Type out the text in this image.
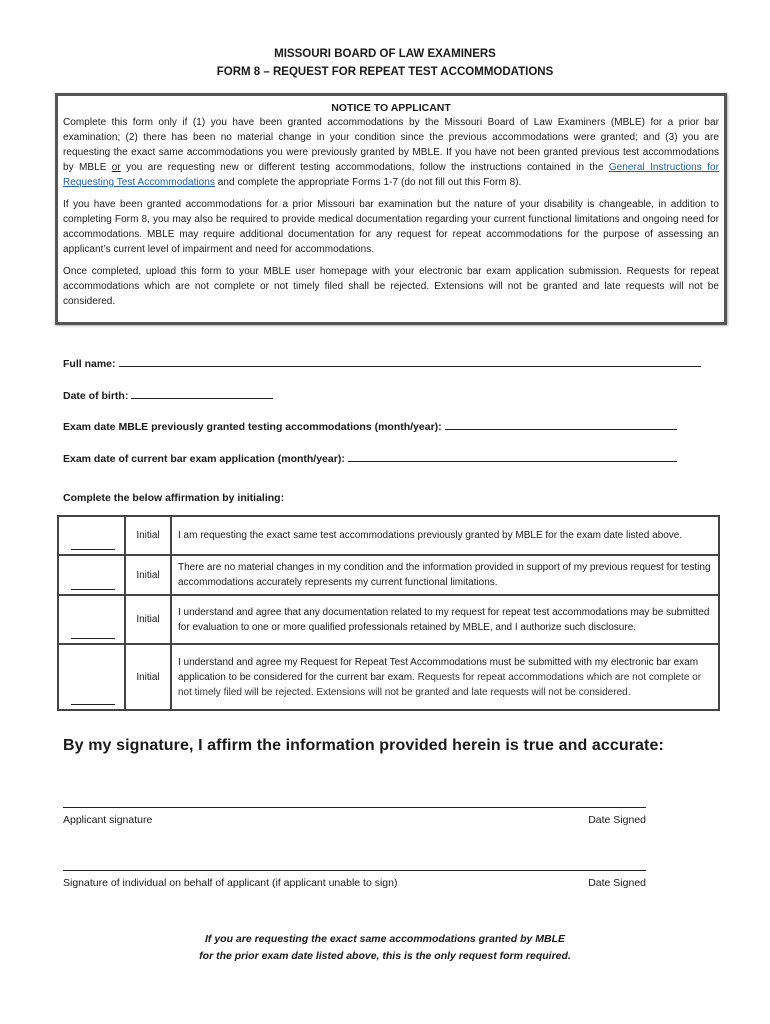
MISSOURI BOARD OF LAW EXAMINERS
FORM 8 – REQUEST FOR REPEAT TEST ACCOMMODATIONS
NOTICE TO APPLICANT

Complete this form only if (1) you have been granted accommodations by the Missouri Board of Law Examiners (MBLE) for a prior bar examination; (2) there has been no material change in your condition since the previous accommodations were granted; and (3) you are requesting the exact same accommodations you were previously granted by MBLE. If you have not been granted previous test accommodations by MBLE or you are requesting new or different testing accommodations, follow the instructions contained in the General Instructions for Requesting Test Accommodations and complete the appropriate Forms 1-7 (do not fill out this Form 8).

If you have been granted accommodations for a prior Missouri bar examination but the nature of your disability is changeable, in addition to completing Form 8, you may also be required to provide medical documentation regarding your current functional limitations and ongoing need for accommodations. MBLE may require additional documentation for any request for repeat accommodations for the purpose of assessing an applicant’s current level of impairment and need for accommodations.

Once completed, upload this form to your MBLE user homepage with your electronic bar exam application submission. Requests for repeat accommodations which are not complete or not timely filed shall be rejected. Extensions will not be granted and late requests will not be considered.

Full name:
Date of birth:
Exam date MBLE previously granted testing accommodations (month/year):
Exam date of current bar exam application (month/year):
Complete the below affirmation by initialing:
	Initial	I am requesting the exact same test accommodations previously granted by MBLE for the exam date listed above.

	Initial	There are no material changes in my condition and the information provided in support of my previous request for testing accommodations accurately represents my current functional limitations.

	Initial	I understand and agree that any documentation related to my request for repeat test accommodations may be submitted for evaluation to one or more qualified professionals retained by MBLE, and I authorize such disclosure.

	Initial	I understand and agree my Request for Repeat Test Accommodations must be submitted with my electronic bar exam application to be considered for the current bar exam. Requests for repeat accommodations which are not complete or not timely filed will be rejected. Extensions will not be granted and late requests will not be considered.
By my signature, I affirm the information provided herein is true and accurate:
Applicant signature	Date Signed
Signature of individual on behalf of applicant (if applicant unable to sign)	Date Signed
If you are requesting the exact same accommodations granted by MBLE
for the prior exam date listed above, this is the only request form required.
